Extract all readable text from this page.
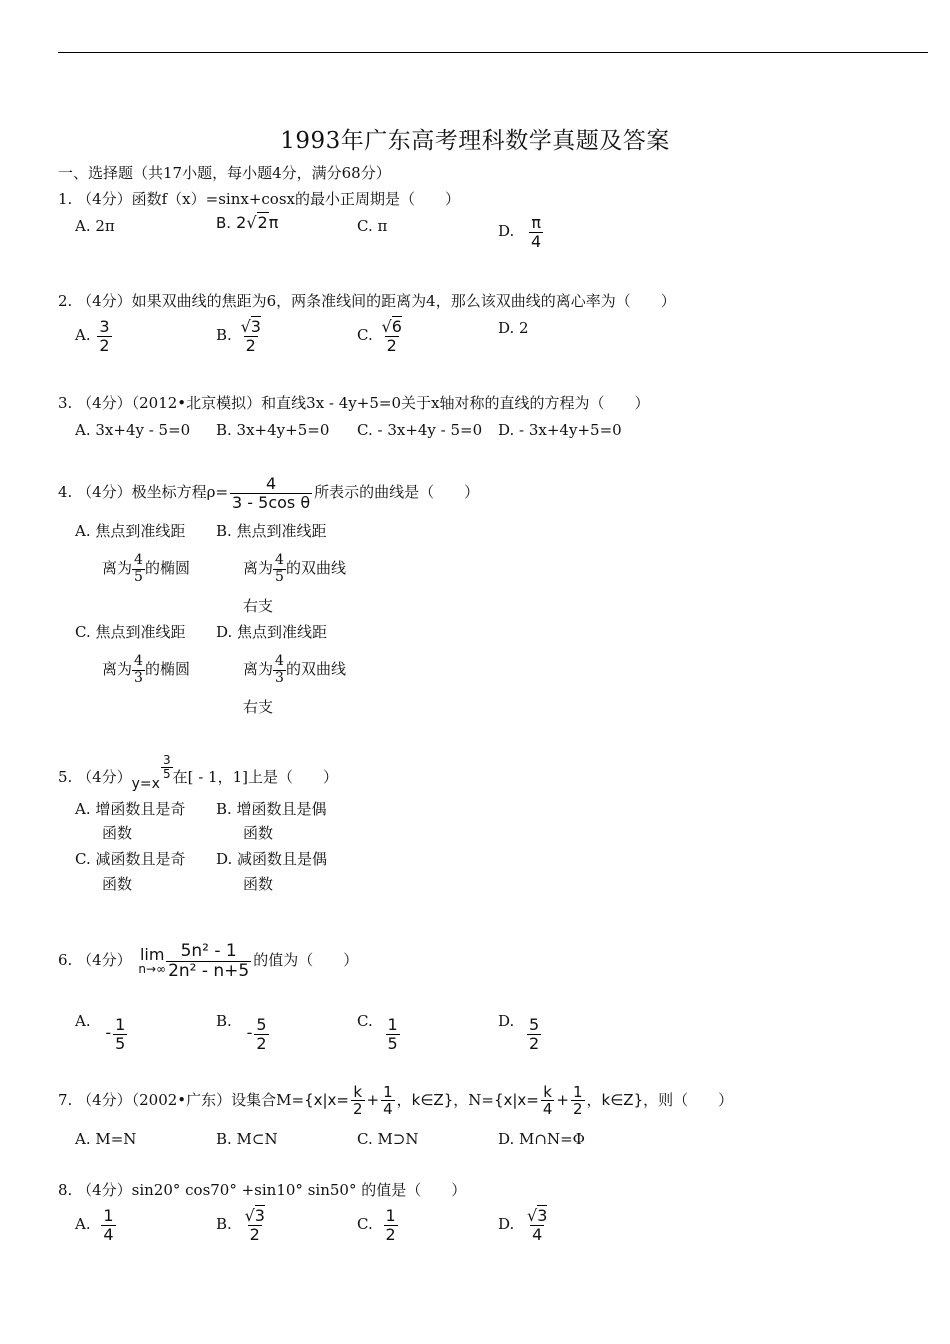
1993年广东高考理科数学真题及答案
一、选择题（共17小题，每小题4分，满分68分）
1. （4分）函数f（x）=sinx+cosx的最小正周期是（　　）
A. 2π	B. 2√2π	C. π	D. $\frac{\pi}{4}$
2. （4分）如果双曲线的焦距为6，两条准线间的距离为4，那么该双曲线的离心率为（　　）
A. $\frac{3}{2}$	B. $\frac{√3}{2}$	C. $\frac{√6}{2}$	D. 2
3. （4分）（2012•北京模拟）和直线3x - 4y+5=0关于x轴对称的直线的方程为（　　）
A. 3x+4y - 5=0 B. 3x+4y+5=0 C. - 3x+4y - 5=0 D. - 3x+4y+5=0
4. （4分）极坐标方程$\rho= \frac{4}{\text{3 - 5cos θ}}$ 所表示的曲线是（　　）
A. 焦点到准线距
离为 $\frac{4}{5}$ 的椭圆
B. 焦点到准线距
离为 $\frac{4}{5}$ 的双曲线
右支
C. 焦点到准线距
离为 $\frac{4}{3}$ 的椭圆
D. 焦点到准线距
离为 $\frac{4}{3}$ 的双曲线
右支
5. （4分）y=x
$\frac{3}{5}$ 在[ - 1，1]上是（　　）
A. 增函数且是奇
函数
B. 增函数且是偶
函数
C. 减函数且是奇
函数
D. 减函数且是偶
函数
6. （4分） lim
$n\to\infty \frac{\text{5n² - 1}}{\text{2n² - n+5}}$ 的值为（　　）
A. - $\frac{1}{5}$	B. - $\frac{5}{2}$	C. $\frac{1}{5}$	D. $\frac{5}{2}$
7. （4分）（2002•广东）设集合$M=\{x|x= \frac{k}{2} + \frac{1}{4}$ ，k∈Z}，$N=\{x|x= \frac{k}{4} + \frac{1}{2}$ ，k∈Z}，则（　　）
A. M=N	B. M⊂N	C. M⊃N	D. M∩N=Φ
8. （4分）sin20° cos70° +sin10° sin50° 的值是（　　）
A. $\frac{1}{4}$	B. $\frac{√3}{2}$	C. $\frac{1}{2}$	D. $\frac{√3}{4}$
